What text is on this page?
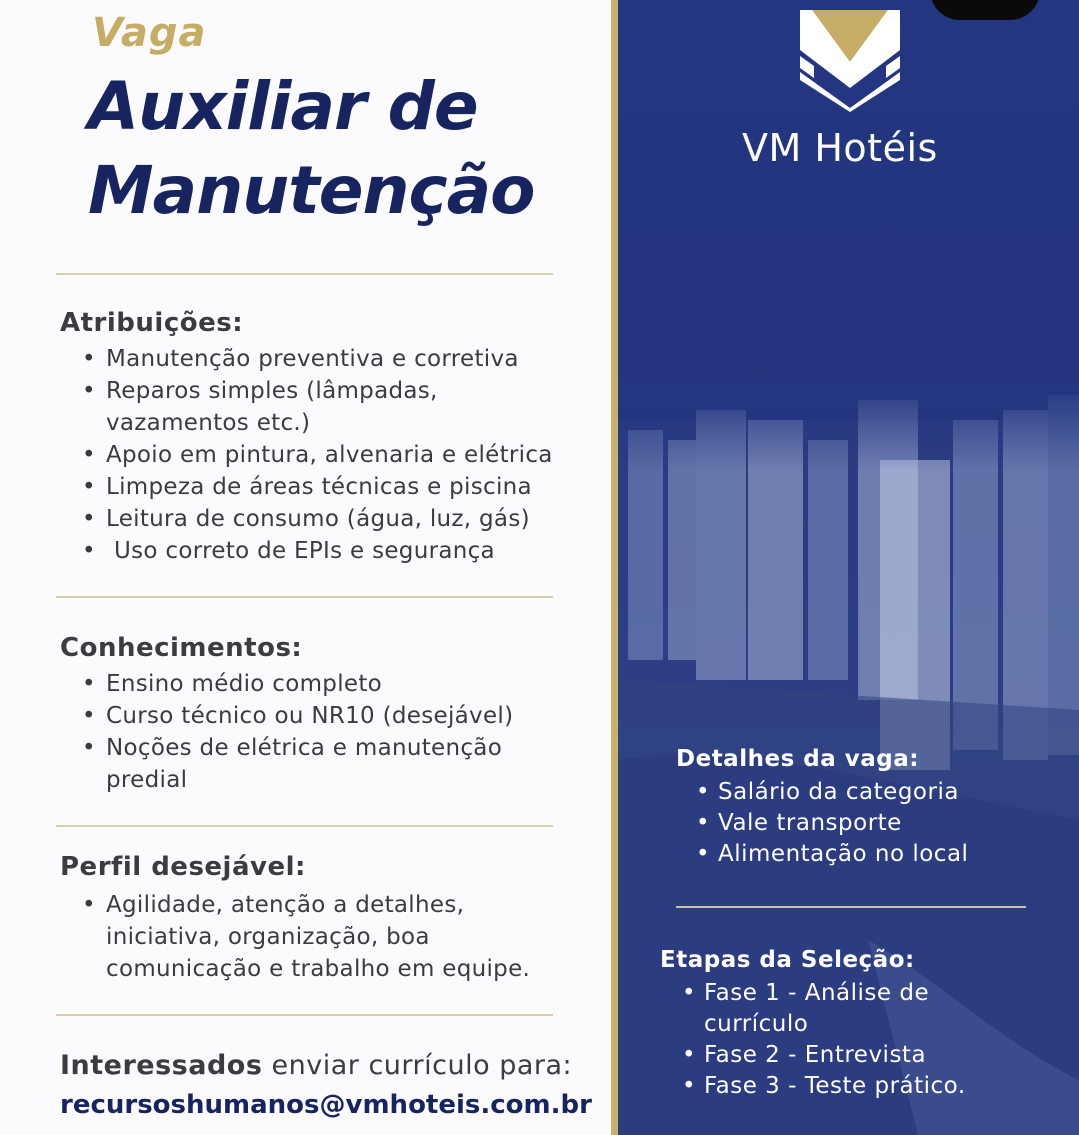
Vaga
Auxiliar de
Manutenção
Atribuições:
• Manutenção preventiva e corretiva
• Reparos simples (lâmpadas,
vazamentos etc.)
• Apoio em pintura, alvenaria e elétrica
• Limpeza de áreas técnicas e piscina
• Leitura de consumo (água, luz, gás)
• Uso correto de EPIs e segurança
Conhecimentos:
• Ensino médio completo
• Curso técnico ou NR10 (desejável)
• Noções de elétrica e manutenção
predial
Perfil desejável:
• Agilidade, atenção a detalhes,
iniciativa, organização, boa
comunicação e trabalho em equipe.
Interessados enviar currículo para:
recursoshumanos@vmhoteis.com.br
VM Hotéis
Detalhes da vaga:
• Salário da categoria
• Vale transporte
• Alimentação no local
Etapas da Seleção:
• Fase 1 - Análise de
currículo
• Fase 2 - Entrevista
• Fase 3 - Teste prático.
